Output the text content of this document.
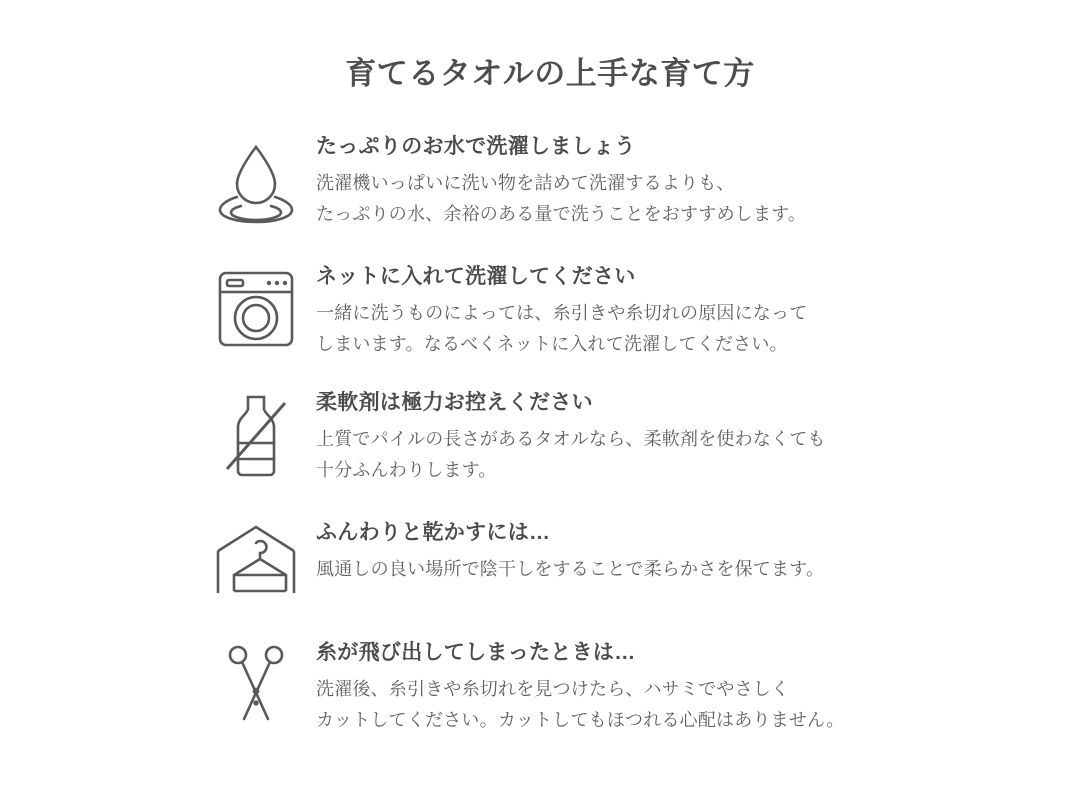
育てるタオルの上手な育て方
たっぷりのお水で洗濯しましょう
洗濯機いっぱいに洗い物を詰めて洗濯するよりも、
たっぷりの水、余裕のある量で洗うことをおすすめします。
ネットに入れて洗濯してください
一緒に洗うものによっては、糸引きや糸切れの原因になって
しまいます。なるべくネットに入れて洗濯してください。
柔軟剤は極力お控えください
上質でパイルの長さがあるタオルなら、柔軟剤を使わなくても
十分ふんわりします。
ふんわりと乾かすには…
風通しの良い場所で陰干しをすることで柔らかさを保てます。
糸が飛び出してしまったときは…
洗濯後、糸引きや糸切れを見つけたら、ハサミでやさしく
カットしてください。カットしてもほつれる心配はありません。
